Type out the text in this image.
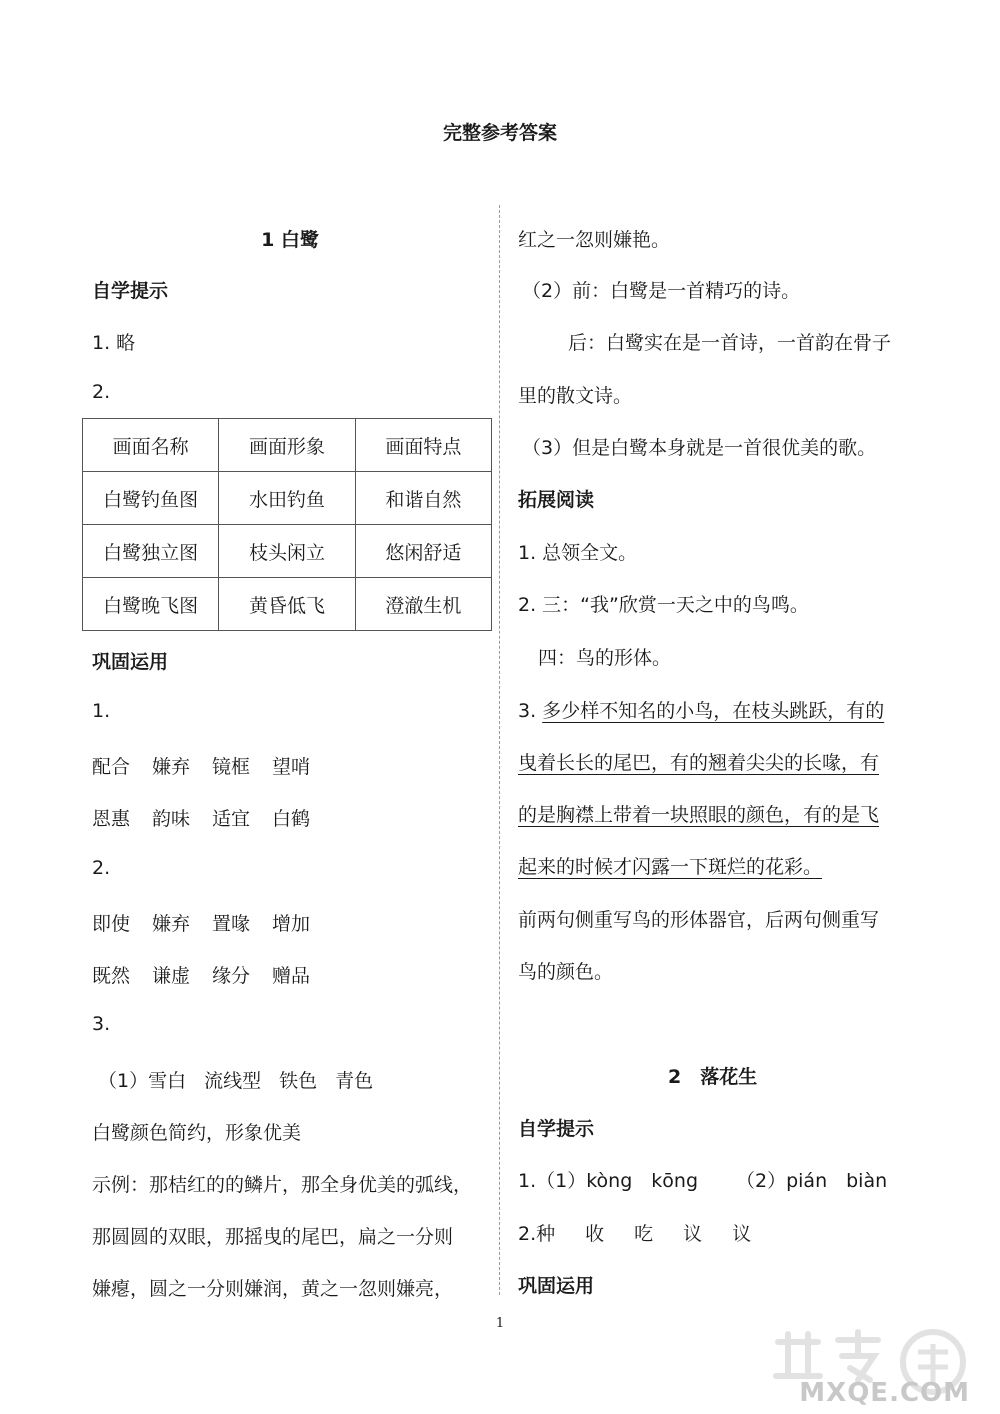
完整参考答案
1 白鹭
自学提示
1. 略
2.
画面名称	画面形象	画面特点
白鹭钓鱼图	水田钓鱼	和谐自然
白鹭独立图	枝头闲立	悠闲舒适
白鹭晚飞图	黄昏低飞	澄澈生机
巩固运用
1.
配合 嫌弃 镜框 望哨
恩惠 韵味 适宜 白鹤
2.
即使 嫌弃 置喙 增加
既然 谦虚 缘分 赠品
3.
（1）雪白 流线型 铁色 青色
白鹭颜色简约，形象优美
示例：那桔红的的鳞片，那全身优美的弧线，
那圆圆的双眼，那摇曳的尾巴，扁之一分则
嫌瘪，圆之一分则嫌润，黄之一忽则嫌亮，
红之一忽则嫌艳。
（2）前：白鹭是一首精巧的诗。
后：白鹭实在是一首诗，一首韵在骨子
里的散文诗。
（3）但是白鹭本身就是一首很优美的歌。
拓展阅读
1. 总领全文。
2. 三：“我”欣赏一天之中的鸟鸣。
四：鸟的形体。
3. 多少样不知名的小鸟，在枝头跳跃，有的
曳着长长的尾巴，有的翘着尖尖的长喙，有
的是胸襟上带着一块照眼的颜色，有的是飞
起来的时候才闪露一下斑烂的花彩。
前两句侧重写鸟的形体器官，后两句侧重写
鸟的颜色。
2　落花生
自学提示
1.（1）kòng　kōng （2）pián　biàn
2.种 收 吃 议 议
巩固运用
1
MXQE.COM
